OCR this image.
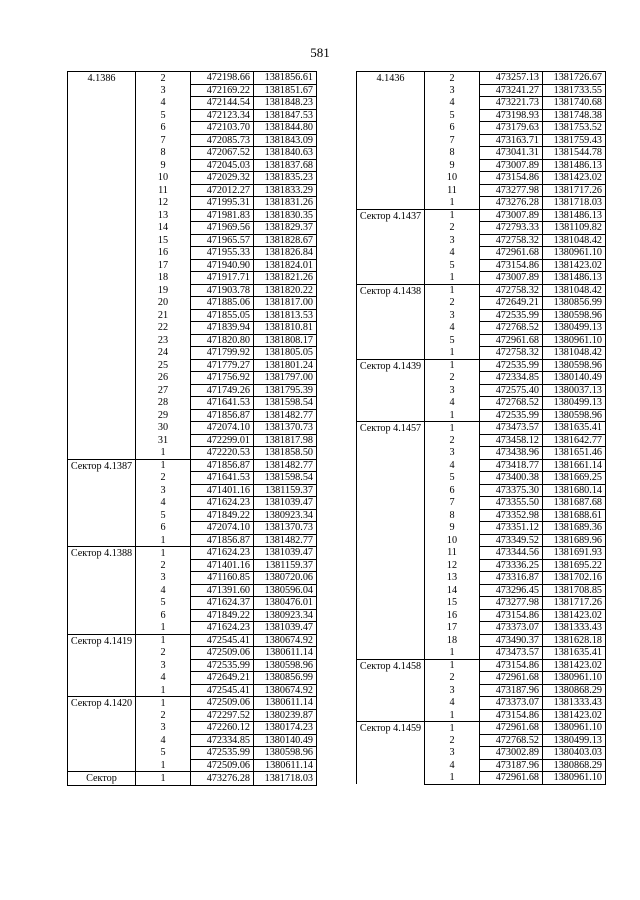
581
4.1386	2	472198.66	1381856.61
	3	472169.22	1381851.67
	4	472144.54	1381848.23
	5	472123.34	1381847.53
	6	472103.70	1381844.80
	7	472085.73	1381843.09
	8	472067.52	1381840.63
	9	472045.03	1381837.68
	10	472029.32	1381835.23
	11	472012.27	1381833.29
	12	471995.31	1381831.26
	13	471981.83	1381830.35
	14	471969.56	1381829.37
	15	471965.57	1381828.67
	16	471955.33	1381826.84
	17	471940.90	1381824.01
	18	471917.71	1381821.26
	19	471903.78	1381820.22
	20	471885.06	1381817.00
	21	471855.05	1381813.53
	22	471839.94	1381810.81
	23	471820.80	1381808.17
	24	471799.92	1381805.05
	25	471779.27	1381801.24
	26	471756.92	1381797.00
	27	471749.26	1381795.39
	28	471641.53	1381598.54
	29	471856.87	1381482.77
	30	472074.10	1381370.73
	31	472299.01	1381817.98
	1	472220.53	1381858.50

Сектор 4.1387	1	471856.87	1381482.77
	2	471641.53	1381598.54
	3	471401.16	1381159.37
	4	471624.23	1381039.47
	5	471849.22	1380923.34
	6	472074.10	1381370.73
	1	471856.87	1381482.77

Сектор 4.1388	1	471624.23	1381039.47
	2	471401.16	1381159.37
	3	471160.85	1380720.06
	4	471391.60	1380596.04
	5	471624.37	1380476.01
	6	471849.22	1380923.34
	1	471624.23	1381039.47

Сектор 4.1419	1	472545.41	1380674.92
	2	472509.06	1380611.14
	3	472535.99	1380598.96
	4	472649.21	1380856.99
	1	472545.41	1380674.92

Сектор 4.1420	1	472509.06	1380611.14
	2	472297.52	1380239.87
	3	472260.12	1380174.23
	4	472334.85	1380140.49
	5	472535.99	1380598.96
	1	472509.06	1380611.14

Сектор	1	473276.28	1381718.03
4.1436	2	473257.13	1381726.67
	3	473241.27	1381733.55
	4	473221.73	1381740.68
	5	473198.93	1381748.38
	6	473179.63	1381753.52
	7	473163.71	1381759.43
	8	473041.31	1381544.78
	9	473007.89	1381486.13
	10	473154.86	1381423.02
	11	473277.98	1381717.26
	1	473276.28	1381718.03

Сектор 4.1437	1	473007.89	1381486.13
	2	472793.33	1381109.82
	3	472758.32	1381048.42
	4	472961.68	1380961.10
	5	473154.86	1381423.02
	1	473007.89	1381486.13

Сектор 4.1438	1	472758.32	1381048.42
	2	472649.21	1380856.99
	3	472535.99	1380598.96
	4	472768.52	1380499.13
	5	472961.68	1380961.10
	1	472758.32	1381048.42

Сектор 4.1439	1	472535.99	1380598.96
	2	472334.85	1380140.49
	3	472575.40	1380037.13
	4	472768.52	1380499.13
	1	472535.99	1380598.96

Сектор 4.1457	1	473473.57	1381635.41
	2	473458.12	1381642.77
	3	473438.96	1381651.46
	4	473418.77	1381661.14
	5	473400.38	1381669.25
	6	473375.30	1381680.14
	7	473355.50	1381687.68
	8	473352.98	1381688.61
	9	473351.12	1381689.36
	10	473349.52	1381689.96
	11	473344.56	1381691.93
	12	473336.25	1381695.22
	13	473316.87	1381702.16
	14	473296.45	1381708.85
	15	473277.98	1381717.26
	16	473154.86	1381423.02
	17	473373.07	1381333.43
	18	473490.37	1381628.18
	1	473473.57	1381635.41

Сектор 4.1458	1	473154.86	1381423.02
	2	472961.68	1380961.10
	3	473187.96	1380868.29
	4	473373.07	1381333.43
	1	473154.86	1381423.02

Сектор 4.1459	1	472961.68	1380961.10
	2	472768.52	1380499.13
	3	473002.89	1380403.03
	4	473187.96	1380868.29
	1	472961.68	1380961.10
